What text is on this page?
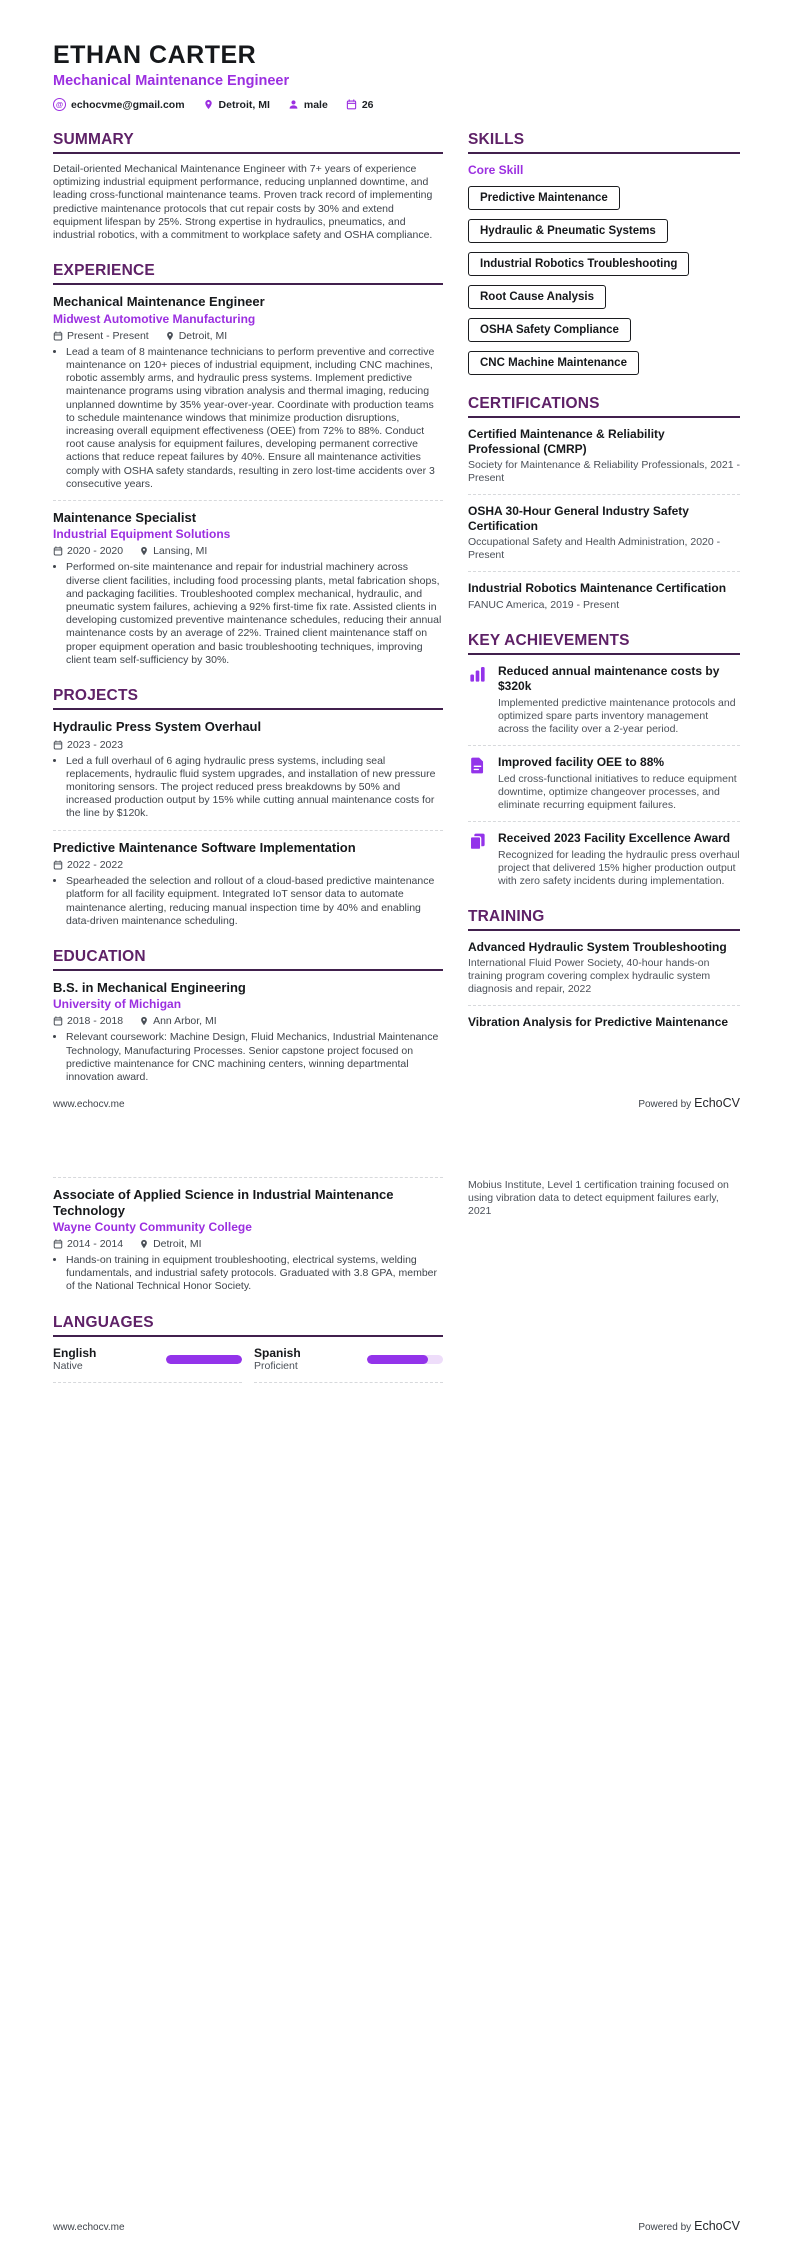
ETHAN CARTER
Mechanical Maintenance Engineer
@ echocvme@gmail.com	Detroit, MI	male	26
SUMMARY

Detail-oriented Mechanical Maintenance Engineer with 7+ years of experience optimizing industrial equipment performance, reducing unplanned downtime, and leading cross-functional maintenance teams. Proven track record of implementing predictive maintenance protocols that cut repair costs by 30% and extend equipment lifespan by 25%. Strong expertise in hydraulics, pneumatics, and industrial robotics, with a commitment to workplace safety and OSHA compliance.

EXPERIENCE
Mechanical Maintenance Engineer
Midwest Automotive Manufacturing
Present - Present	Detroit, MI
• Lead a team of 8 maintenance technicians to perform preventive and corrective maintenance on 120+ pieces of industrial equipment, including CNC machines, robotic assembly arms, and hydraulic press systems. Implement predictive maintenance programs using vibration analysis and thermal imaging, reducing unplanned downtime by 35% year-over-year. Coordinate with production teams to schedule maintenance windows that minimize production disruptions, increasing overall equipment effectiveness (OEE) from 72% to 88%. Conduct root cause analysis for equipment failures, developing permanent corrective actions that reduce repeat failures by 40%. Ensure all maintenance activities comply with OSHA safety standards, resulting in zero lost-time accidents over 3 consecutive years.
Maintenance Specialist
Industrial Equipment Solutions
2020 - 2020	Lansing, MI
• Performed on-site maintenance and repair for industrial machinery across diverse client facilities, including food processing plants, metal fabrication shops, and packaging facilities. Troubleshooted complex mechanical, hydraulic, and pneumatic system failures, achieving a 92% first-time fix rate. Assisted clients in developing customized preventive maintenance schedules, reducing their annual maintenance costs by an average of 22%. Trained client maintenance staff on proper equipment operation and basic troubleshooting techniques, improving client team self-sufficiency by 30%.
PROJECTS
Hydraulic Press System Overhaul
2023 - 2023
• Led a full overhaul of 6 aging hydraulic press systems, including seal replacements, hydraulic fluid system upgrades, and installation of new pressure monitoring sensors. The project reduced press breakdowns by 50% and increased production output by 15% while cutting annual maintenance costs for the line by $120k.
Predictive Maintenance Software Implementation
2022 - 2022
• Spearheaded the selection and rollout of a cloud-based predictive maintenance platform for all facility equipment. Integrated IoT sensor data to automate maintenance alerting, reducing manual inspection time by 40% and enabling data-driven maintenance scheduling.
EDUCATION
B.S. in Mechanical Engineering
University of Michigan
2018 - 2018	Ann Arbor, MI
• Relevant coursework: Machine Design, Fluid Mechanics, Industrial Maintenance Technology, Manufacturing Processes. Senior capstone project focused on predictive maintenance for CNC machining centers, winning departmental innovation award.
SKILLS
Core Skill
Predictive Maintenance
Hydraulic & Pneumatic Systems
Industrial Robotics Troubleshooting
Root Cause Analysis
OSHA Safety Compliance
CNC Machine Maintenance
CERTIFICATIONS
Certified Maintenance & Reliability Professional (CMRP)
Society for Maintenance & Reliability Professionals, 2021 - Present
OSHA 30-Hour General Industry Safety Certification
Occupational Safety and Health Administration, 2020 - Present
Industrial Robotics Maintenance Certification
FANUC America, 2019 - Present
KEY ACHIEVEMENTS
Reduced annual maintenance costs by $320k
Implemented predictive maintenance protocols and optimized spare parts inventory management across the facility over a 2-year period.
Improved facility OEE to 88%
Led cross-functional initiatives to reduce equipment downtime, optimize changeover processes, and eliminate recurring equipment failures.
Received 2023 Facility Excellence Award
Recognized for leading the hydraulic press overhaul project that delivered 15% higher production output with zero safety incidents during implementation.
TRAINING
Advanced Hydraulic System Troubleshooting
International Fluid Power Society, 40-hour hands-on training program covering complex hydraulic system diagnosis and repair, 2022
Vibration Analysis for Predictive Maintenance
www.echocv.me	Powered by EchoCV
Associate of Applied Science in Industrial Maintenance Technology
Wayne County Community College
2014 - 2014	Detroit, MI
• Hands-on training in equipment troubleshooting, electrical systems, welding fundamentals, and industrial safety protocols. Graduated with 3.8 GPA, member of the National Technical Honor Society.
LANGUAGES
English
Native
Spanish
Proficient
Mobius Institute, Level 1 certification training focused on using vibration data to detect equipment failures early, 2021
www.echocv.me	Powered by EchoCV
